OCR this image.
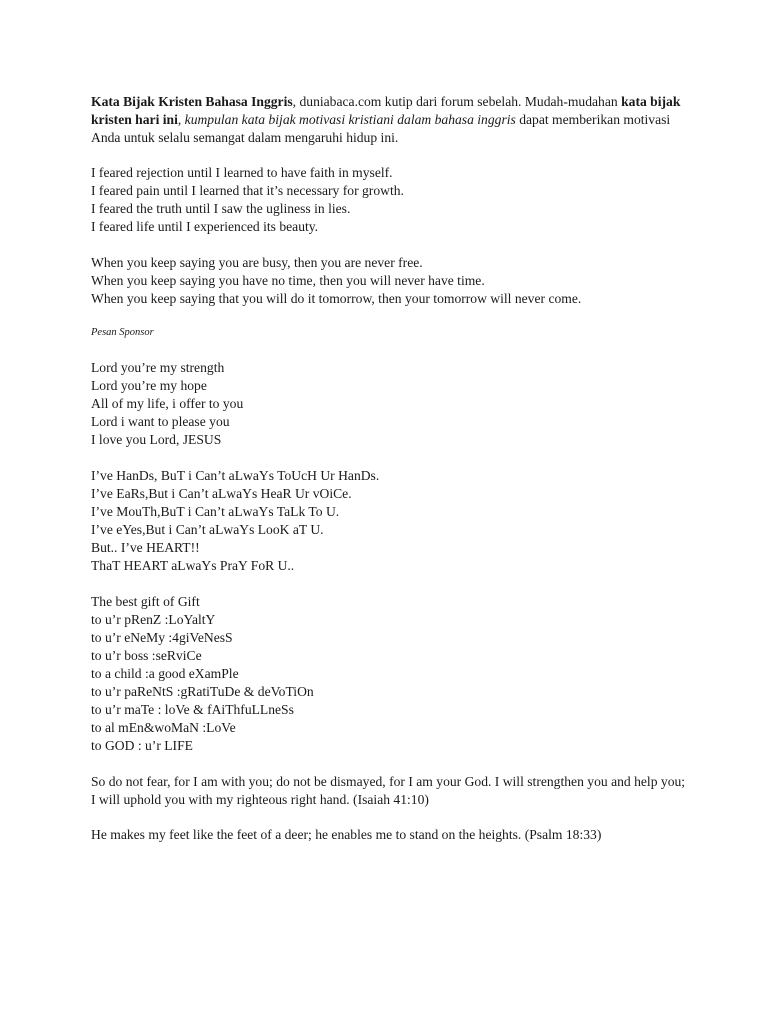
Kata Bijak Kristen Bahasa Inggris, duniabaca.com kutip dari forum sebelah. Mudah-mudahan kata bijak kristen hari ini, kumpulan kata bijak motivasi kristiani dalam bahasa inggris dapat memberikan motivasi Anda untuk selalu semangat dalam mengaruhi hidup ini.

I feared rejection until I learned to have faith in myself.
I feared pain until I learned that it’s necessary for growth.
I feared the truth until I saw the ugliness in lies.
I feared life until I experienced its beauty.
When you keep saying you are busy, then you are never free.
When you keep saying you have no time, then you will never have time.
When you keep saying that you will do it tomorrow, then your tomorrow will never come.

Pesan Sponsor

Lord you’re my strength
Lord you’re my hope
All of my life, i offer to you
Lord i want to please you
I love you Lord, JESUS
I’ve HanDs, BuT i Can’t aLwaYs ToUcH Ur HanDs.
I’ve EaRs,But i Can’t aLwaYs HeaR Ur vOiCe.
I’ve MouTh,BuT i Can’t aLwaYs TaLk To U.
I’ve eYes,But i Can’t aLwaYs LooK aT U.
But.. I’ve HEART!!
ThaT HEART aLwaYs PraY FoR U..
The best gift of Gift
to u’r pRenZ :LoYaltY
to u’r eNeMy :4giVeNesS
to u’r boss :seRviCe
to a child :a good eXamPle
to u’r paReNtS :gRatiTuDe & deVoTiOn
to u’r maTe : loVe & fAiThfuLLneSs
to al mEn&woMaN :LoVe
to GOD : u’r LIFE

So do not fear, for I am with you; do not be dismayed, for I am your God. I will strengthen you and help you; I will uphold you with my righteous right hand. (Isaiah 41:10)

He makes my feet like the feet of a deer; he enables me to stand on the heights. (Psalm 18:33)
